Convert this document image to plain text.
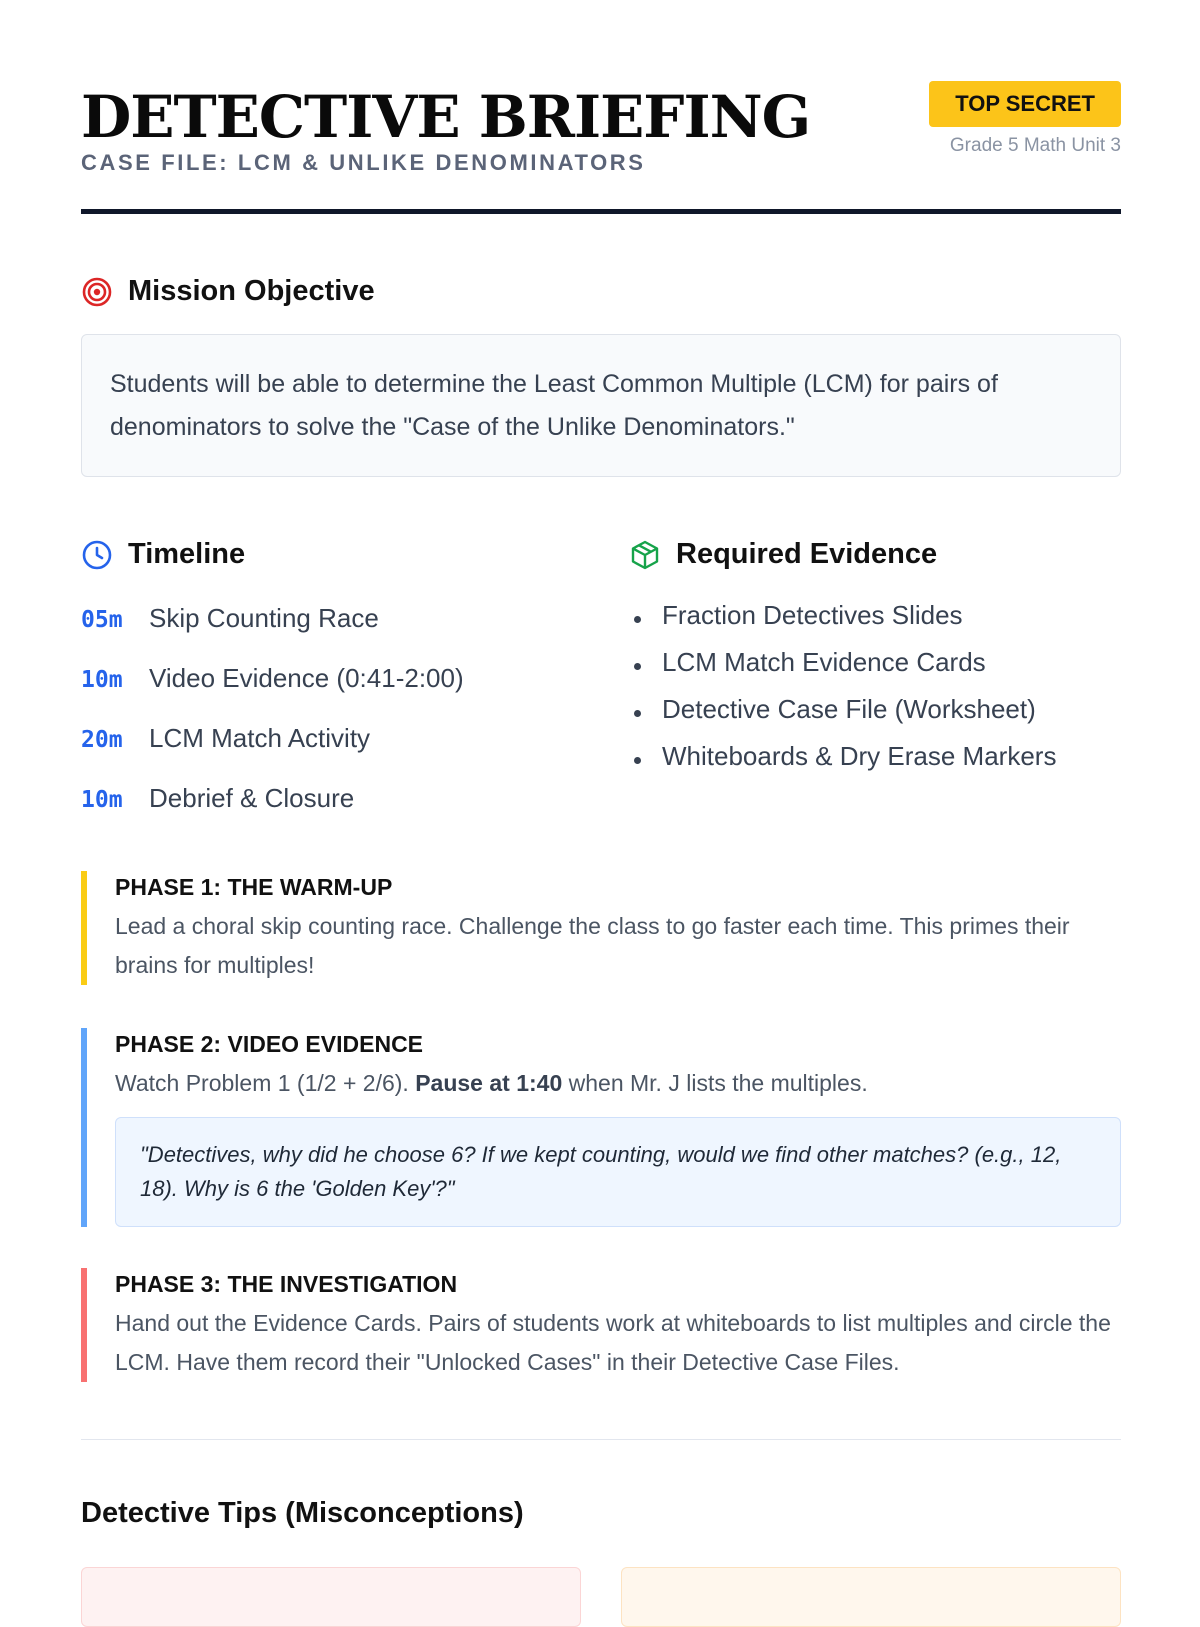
DETECTIVE BRIEFING
CASE FILE: LCM & UNLIKE DENOMINATORS
TOP SECRET
Grade 5 Math Unit 3
Mission Objective
Students will be able to determine the Least Common Multiple (LCM) for pairs of denominators to solve the "Case of the Unlike Denominators."
Timeline
05m	Skip Counting Race
10m	Video Evidence (0:41-2:00)
20m	LCM Match Activity
10m	Debrief & Closure
Required Evidence
Fraction Detectives Slides
LCM Match Evidence Cards
Detective Case File (Worksheet)
Whiteboards & Dry Erase Markers
PHASE 1: THE WARM-UP
Lead a choral skip counting race. Challenge the class to go faster each time. This primes their brains for multiples!
PHASE 2: VIDEO EVIDENCE
Watch Problem 1 (1/2 + 2/6). Pause at 1:40 when Mr. J lists the multiples.
"Detectives, why did he choose 6? If we kept counting, would we find other matches? (e.g., 12, 18). Why is 6 the 'Golden Key'?"
PHASE 3: THE INVESTIGATION
Hand out the Evidence Cards. Pairs of students work at whiteboards to list multiples and circle the LCM. Have them record their "Unlocked Cases" in their Detective Case Files.
Detective Tips (Misconceptions)
